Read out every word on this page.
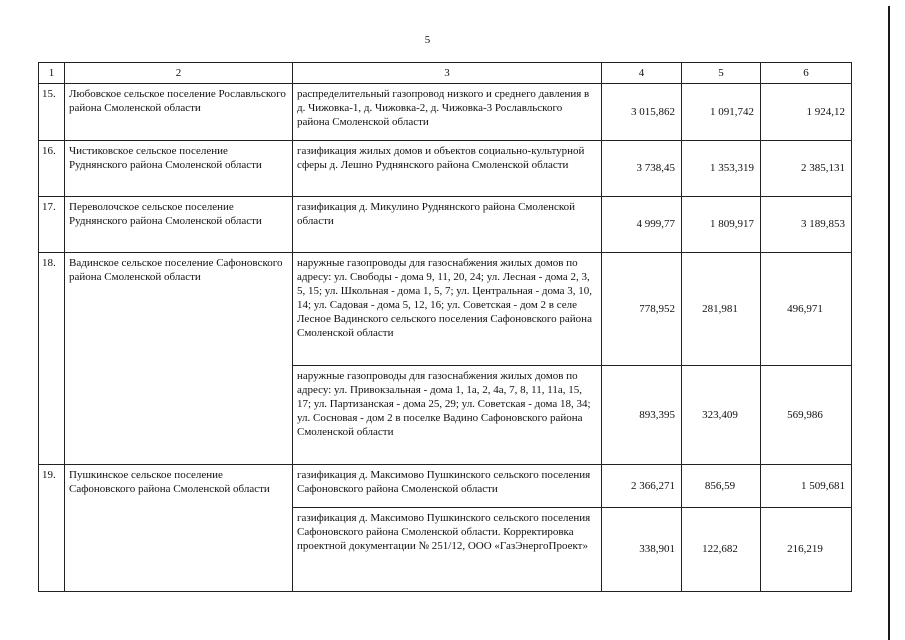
5
1	2	3	4	5	6
15.	Любовское сельское поселение Рославльского района Смоленской области	распределительный газопровод низкого и среднего давления в д. Чижовка-1, д. Чижовка-2, д. Чижовка-3 Рославльского района Смоленской области	3 015,862	1 091,742	1 924,12
16.	Чистиковское сельское поселение Руднянского района Смоленской области	газификация жилых домов и объектов социально-культурной сферы д. Лешно Руднянского района Смоленской области	3 738,45	1 353,319	2 385,131
17.	Переволочское сельское поселение Руднянского района Смоленской области	газификация д. Микулино Руднянского района Смоленской области	4 999,77	1 809,917	3 189,853
18.	Вадинское сельское поселение Сафоновского района Смоленской области	наружные газопроводы для газоснабжения жилых домов по адресу: ул. Свободы - дома 9, 11, 20, 24; ул. Лесная - дома 2, 3, 5, 15; ул. Школьная - дома 1, 5, 7; ул. Центральная - дома 3, 10, 14; ул. Садовая - дома 5, 12, 16; ул. Советская - дом 2 в селе Лесное Вадинского сельского поселения Сафоновского района Смоленской области	778,952	281,981	496,971
		наружные газопроводы для газоснабжения жилых домов по адресу: ул. Привокзальная - дома 1, 1а, 2, 4а, 7, 8, 11, 11а, 15, 17; ул. Партизанская - дома 25, 29; ул. Советская - дома 18, 34; ул. Сосновая - дом 2 в поселке Вадино Сафоновского района Смоленской области	893,395	323,409	569,986
19.	Пушкинское сельское поселение Сафоновского района Смоленской области	газификация д. Максимово Пушкинского сельского поселения Сафоновского района Смоленской области	2 366,271	856,59	1 509,681
		газификация д. Максимово Пушкинского сельского поселения Сафоновского района Смоленской области. Корректировка проектной документации № 251/12, ООО «ГазЭнергоПроект»	338,901	122,682	216,219
